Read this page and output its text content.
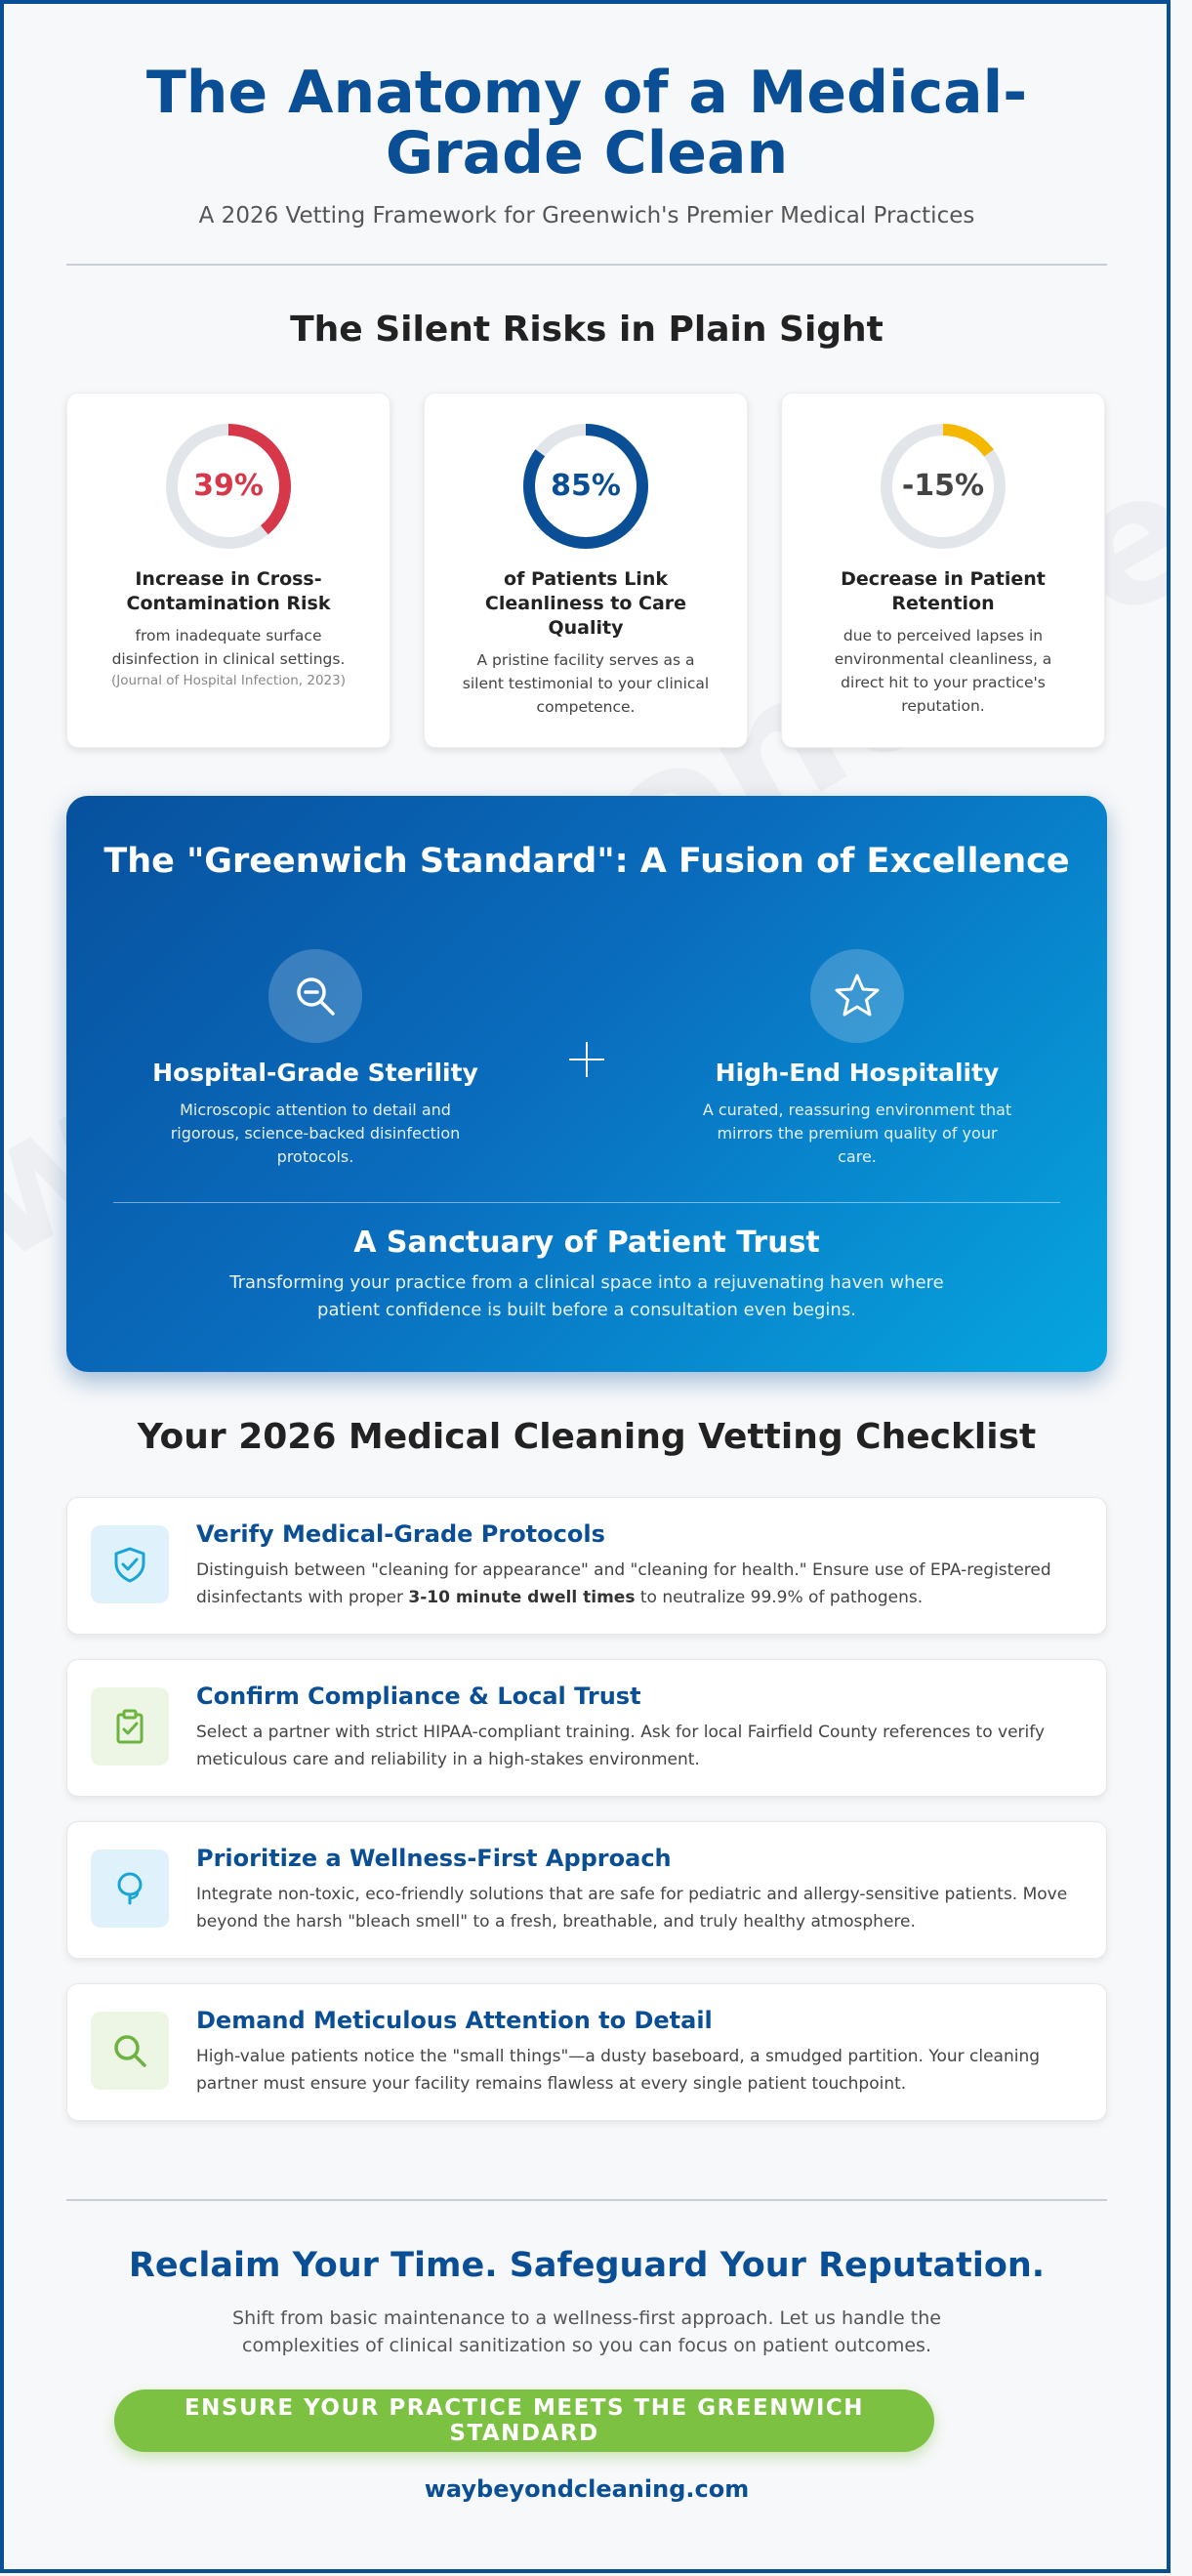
The Anatomy of a Medical-Grade Clean
A 2026 Vetting Framework for Greenwich's Premier Medical Practices
The Silent Risks in Plain Sight
39%
Increase in Cross-Contamination Risk
from inadequate surface disinfection in clinical settings.
(Journal of Hospital Infection, 2023)
85%
of Patients Link Cleanliness to Care Quality
A pristine facility serves as a silent testimonial to your clinical competence.
-15%
Decrease in Patient Retention
due to perceived lapses in environmental cleanliness, a direct hit to your practice's reputation.
The "Greenwich Standard": A Fusion of Excellence
Hospital-Grade Sterility
Microscopic attention to detail and rigorous, science-backed disinfection protocols.
High-End Hospitality
A curated, reassuring environment that mirrors the premium quality of your care.
A Sanctuary of Patient Trust
Transforming your practice from a clinical space into a rejuvenating haven where patient confidence is built before a consultation even begins.
Your 2026 Medical Cleaning Vetting Checklist
Verify Medical-Grade Protocols
Distinguish between "cleaning for appearance" and "cleaning for health." Ensure use of EPA-registered disinfectants with proper 3-10 minute dwell times to neutralize 99.9% of pathogens.
Confirm Compliance & Local Trust
Select a partner with strict HIPAA-compliant training. Ask for local Fairfield County references to verify meticulous care and reliability in a high-stakes environment.
Prioritize a Wellness-First Approach
Integrate non-toxic, eco-friendly solutions that are safe for pediatric and allergy-sensitive patients. Move beyond the harsh "bleach smell" to a fresh, breathable, and truly healthy atmosphere.
Demand Meticulous Attention to Detail
High-value patients notice the "small things"—a dusty baseboard, a smudged partition. Your cleaning partner must ensure your facility remains flawless at every single patient touchpoint.
Reclaim Your Time. Safeguard Your Reputation.
Shift from basic maintenance to a wellness-first approach. Let us handle the complexities of clinical sanitization so you can focus on patient outcomes.
ENSURE YOUR PRACTICE MEETS THE GREENWICH STANDARD
waybeyondcleaning.com
